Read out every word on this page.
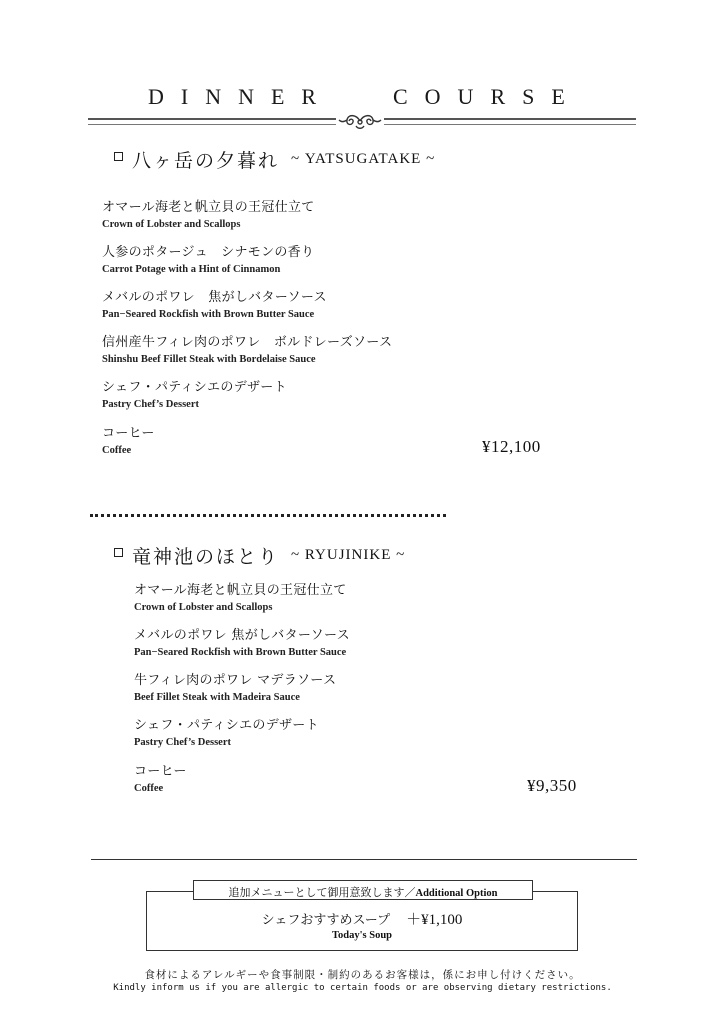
DINNER	COURSE
八ヶ岳の夕暮れ ~ YATSUGATAKE ~
オマール海老と帆立貝の王冠仕立て
Crown of Lobster and Scallops
人参のポタージュ　シナモンの香り
Carrot Potage with a Hint of Cinnamon
メバルのポワレ　焦がしバターソース
Pan−Seared Rockfish with Brown Butter Sauce
信州産牛フィレ肉のポワレ　ボルドレーズソース
Shinshu Beef Fillet Steak with Bordelaise Sauce
シェフ・パティシエのデザート
Pastry Chef’s Dessert
コーヒー
Coffee	¥12,100
竜神池のほとり ~ RYUJINIKE ~
オマール海老と帆立貝の王冠仕立て
Crown of Lobster and Scallops
メバルのポワレ 焦がしバターソース
Pan−Seared Rockfish with Brown Butter Sauce
牛フィレ肉のポワレ マデラソース
Beef Fillet Steak with Madeira Sauce
シェフ・パティシエのデザート
Pastry Chef’s Dessert
コーヒー
Coffee	¥9,350
追加メニューとして御用意致します／Additional Option
シェフおすすめスープ ＋¥1,100
Today's Soup
食材によるアレルギーや食事制限・制約のあるお客様は，係にお申し付けください。
Kindly inform us if you are allergic to certain foods or are observing dietary restrictions.
